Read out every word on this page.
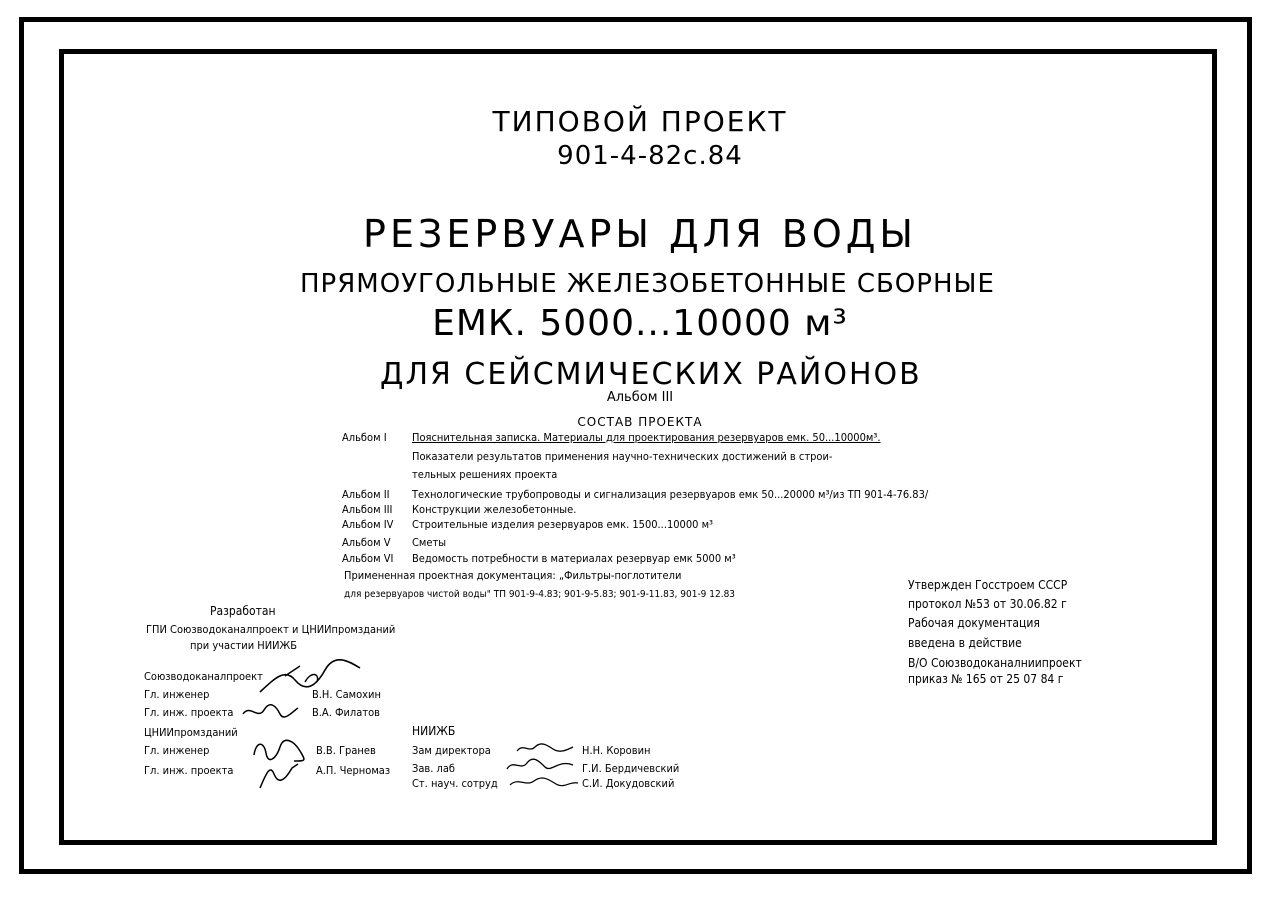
ТИПОВОЙ ПРОЕКТ
901-4-82с.84
РЕЗЕРВУАРЫ ДЛЯ ВОДЫ
ПРЯМОУГОЛЬНЫЕ ЖЕЛЕЗОБЕТОННЫЕ СБОРНЫЕ
ЕМК. 5000...10000 м³
ДЛЯ СЕЙСМИЧЕСКИХ РАЙОНОВ
Альбом III
СОСТАВ ПРОЕКТА
Альбом I Пояснительная записка. Материалы для проектирования резервуаров емк. 50...10000м³.
Показатели результатов применения научно-технических достижений в строи-
тельных решениях проекта
Альбом II Технологические трубопроводы и сигнализация резервуаров емк 50...20000 м³/из ТП 901-4-76.83/
Альбом III Конструкции железобетонные.
Альбом IV Строительные изделия резервуаров емк. 1500...10000 м³
Альбом V Сметы
Альбом VI Ведомость потребности в материалах резервуар емк 5000 м³
Примененная проектная документация: „Фильтры-поглотители
для резервуаров чистой воды" ТП 901-9-4.83; 901-9-5.83; 901-9-11.83, 901-9 12.83
Утвержден Госстроем СССР
протокол №53 от 30.06.82 г
Рабочая документация
введена в действие
В/О Союзводоканалниипроект
приказ № 165 от 25 07 84 г
Разработан
ГПИ Союзводоканалпроект и ЦНИИпромзданий
при участии НИИЖБ
Союзводоканалпроект
Гл. инженер	В.Н. Самохин
Гл. инж. проекта	В.А. Филатов
ЦНИИпромзданий
Гл. инженер	В.В. Гранев
Гл. инж. проекта	А.П. Черномаз
НИИЖБ
Зам директора	Н.Н. Коровин
Зав. лаб	Г.И. Бердичевский
Ст. науч. сотруд	С.И. Докудовский
